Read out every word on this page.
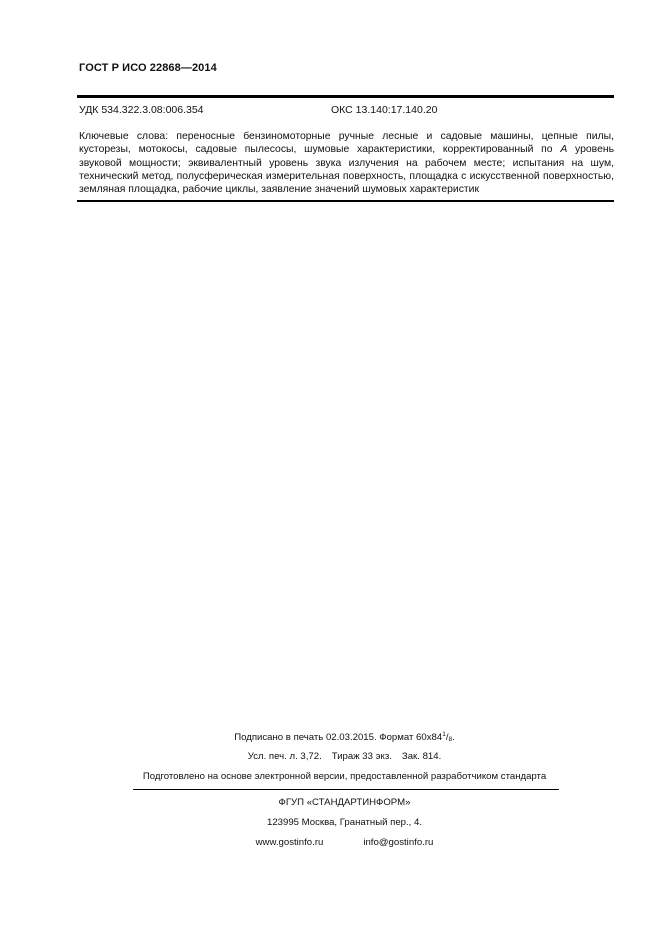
ГОСТ Р ИСО 22868—2014
УДК 534.322.3.08:006.354	ОКС 13.140:17.140.20
Ключевые слова: переносные бензиномоторные ручные лесные и садовые машины, цепные пилы, кусторезы, мотокосы, садовые пылесосы, шумовые характеристики, корректированный по А уровень звуковой мощности; эквивалентный уровень звука излучения на рабочем месте; испытания на шум, технический метод, полусферическая измерительная поверхность, площадка с искусственной поверхностью, земляная площадка, рабочие циклы, заявление значений шумовых характеристик
Подписано в печать 02.03.2015. Формат $60x84^1/8$.
Усл. печ. л. 3,72. Тираж 33 экз. Зак. 814.
Подготовлено на основе электронной версии, предоставленной разработчиком стандарта
ФГУП «СТАНДАРТИНФОРМ»
123995 Москва, Гранатный пер., 4.
www.gostinfo.ru	info@gostinfo.ru
